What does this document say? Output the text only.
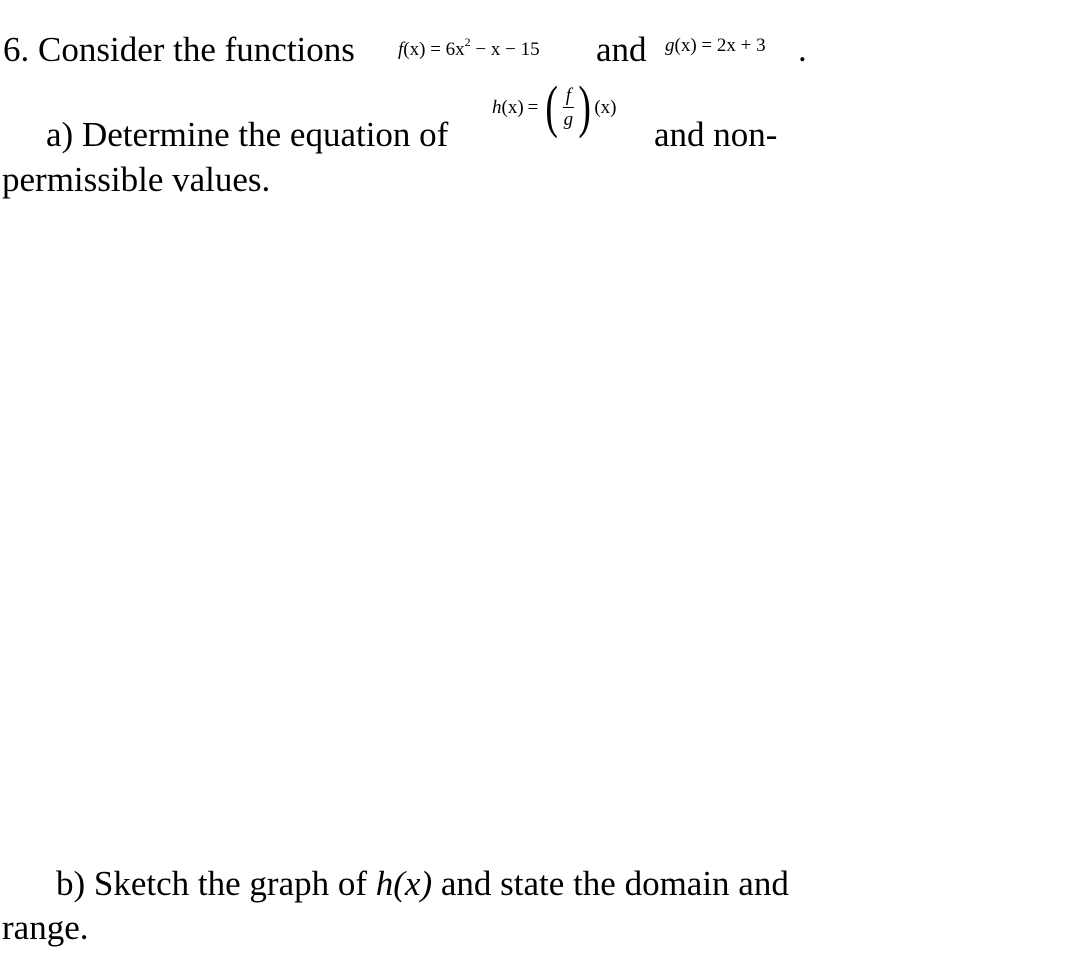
6. Consider the functions $f(x) = 6x^2 - x - 15$ and g(x) = 2x + 3 .
a) Determine the equation of
h (x) = ( $\frac{f}{g}$ ) (x)
and non-
permissible values.
b) Sketch the graph of h(x) and state the domain and
range.
